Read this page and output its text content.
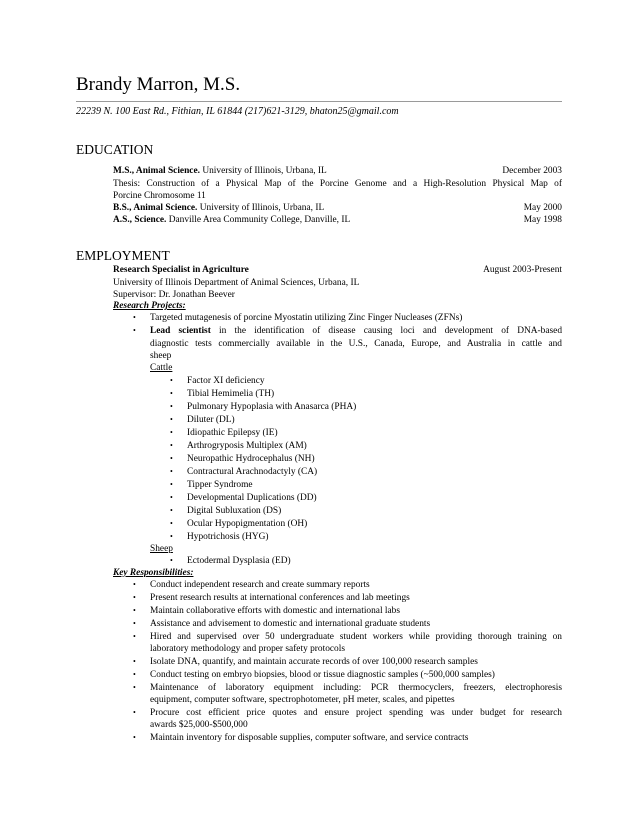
Brandy Marron, M.S.
22239 N. 100 East Rd., Fithian, IL 61844 (217)621-3129, bhaton25@gmail.com
EDUCATION
M.S., Animal Science. University of Illinois, Urbana, IL	December 2003
Thesis: Construction of a Physical Map of the Porcine Genome and a High-Resolution Physical Map of
Porcine Chromosome 11
B.S., Animal Science. University of Illinois, Urbana, IL	May 2000
A.S., Science. Danville Area Community College, Danville, IL	May 1998
EMPLOYMENT
Research Specialist in Agriculture	August 2003-Present
University of Illinois Department of Animal Sciences, Urbana, IL
Supervisor: Dr. Jonathan Beever
Research Projects:
• Targeted mutagenesis of porcine Myostatin utilizing Zinc Finger Nucleases (ZFNs)
• Lead scientist in the identification of disease causing loci and development of DNA-based
diagnostic tests commercially available in the U.S., Canada, Europe, and Australia in cattle and
sheep
Cattle
• Factor XI deficiency
• Tibial Hemimelia (TH)
• Pulmonary Hypoplasia with Anasarca (PHA)
• Diluter (DL)
• Idiopathic Epilepsy (IE)
• Arthrogryposis Multiplex (AM)
• Neuropathic Hydrocephalus (NH)
• Contractural Arachnodactyly (CA)
• Tipper Syndrome
• Developmental Duplications (DD)
• Digital Subluxation (DS)
• Ocular Hypopigmentation (OH)
• Hypotrichosis (HYG)
Sheep
• Ectodermal Dysplasia (ED)
Key Responsibilities:
• Conduct independent research and create summary reports
• Present research results at international conferences and lab meetings
• Maintain collaborative efforts with domestic and international labs
• Assistance and advisement to domestic and international graduate students
• Hired and supervised over 50 undergraduate student workers while providing thorough training on
laboratory methodology and proper safety protocols
• Isolate DNA, quantify, and maintain accurate records of over 100,000 research samples
• Conduct testing on embryo biopsies, blood or tissue diagnostic samples (~500,000 samples)
• Maintenance of laboratory equipment including: PCR thermocyclers, freezers, electrophoresis
equipment, computer software, spectrophotometer, pH meter, scales, and pipettes
• Procure cost efficient price quotes and ensure project spending was under budget for research
awards $25,000-$500,000
• Maintain inventory for disposable supplies, computer software, and service contracts
